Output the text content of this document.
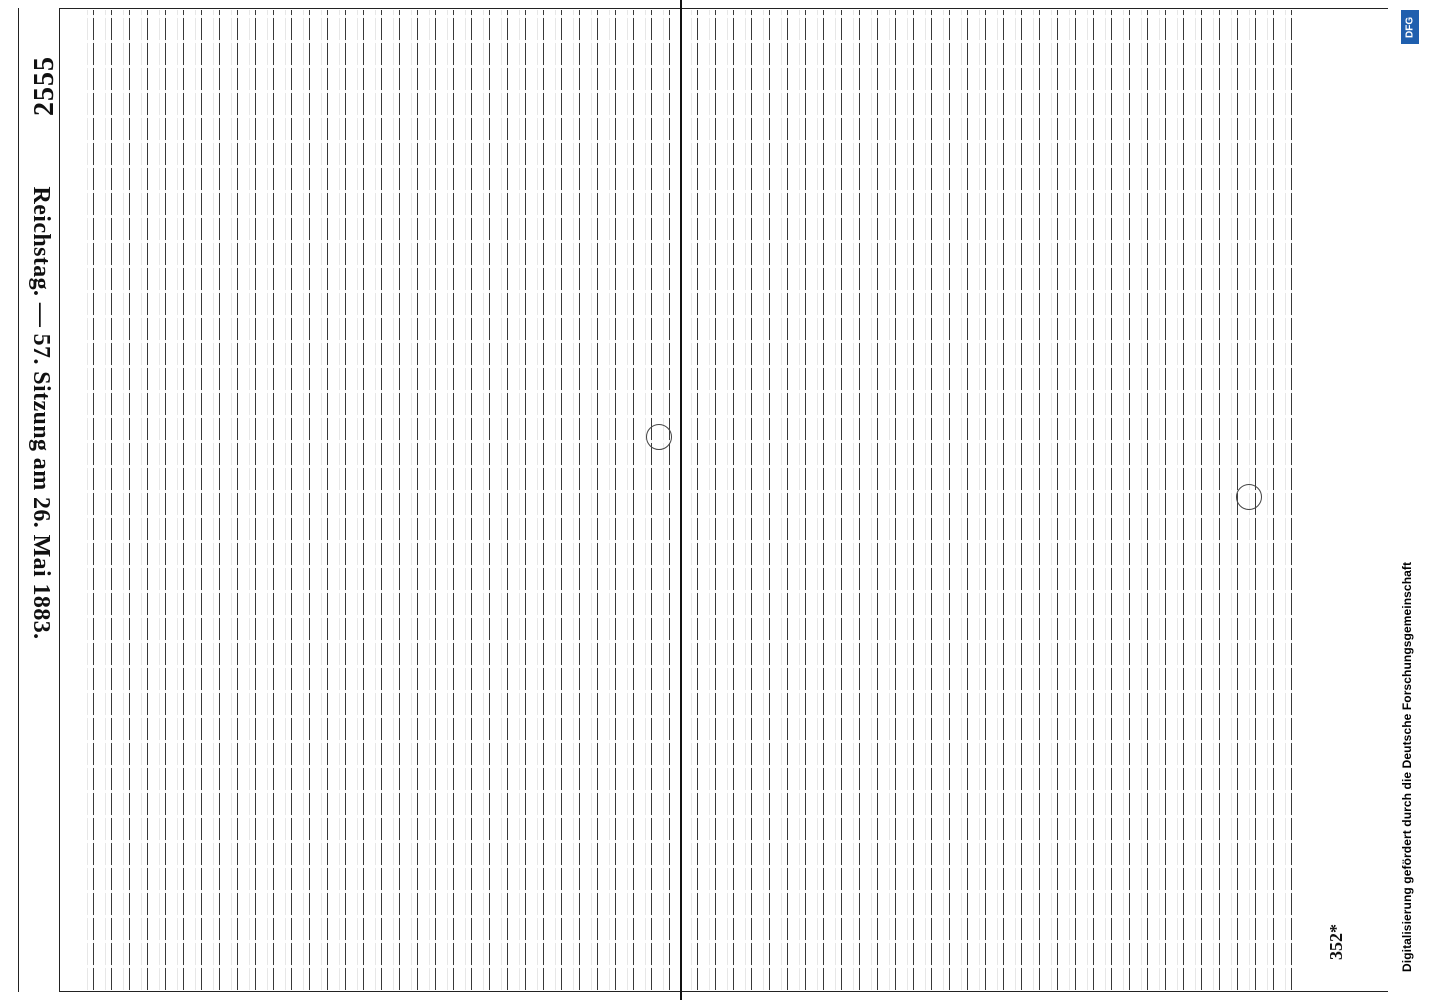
Reichstag. — 57. Sitzung am 26. Mai 1883.
2555
352*
DFG
Digitalisierung gefördert durch die Deutsche Forschungsgemeinschaft
